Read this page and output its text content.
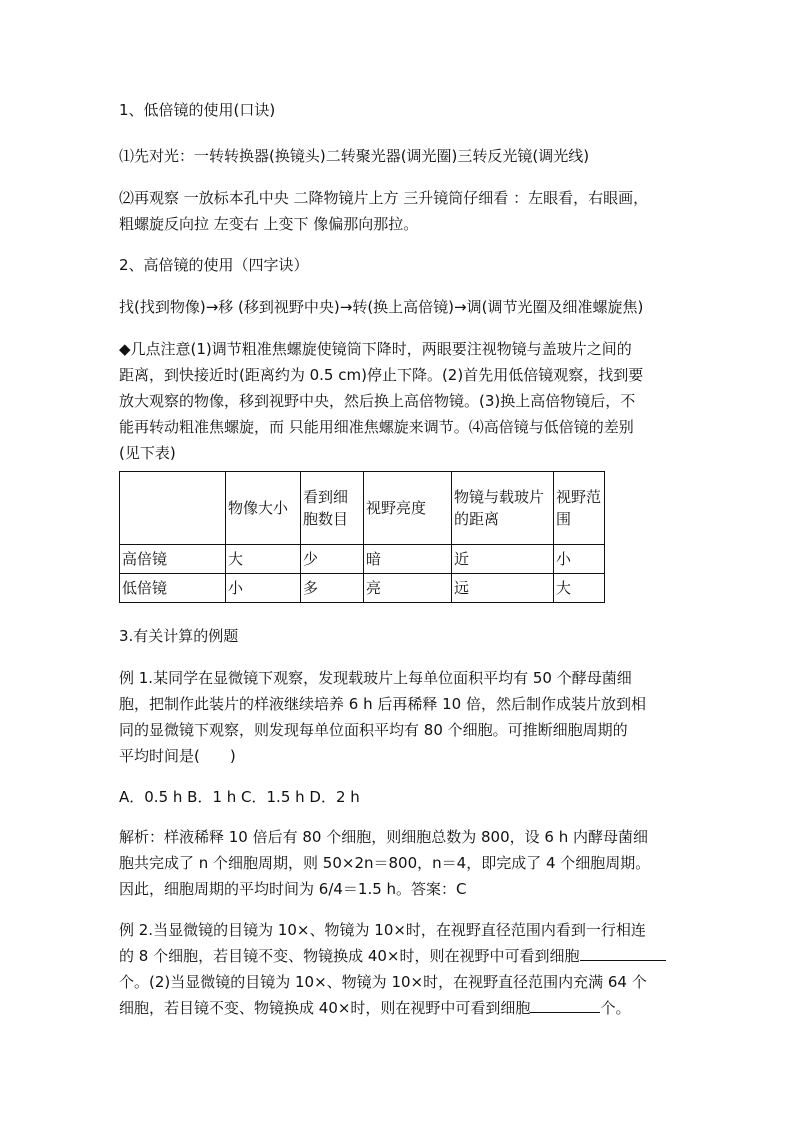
1、低倍镜的使用(口诀)

⑴先对光：一转转换器(换镜头)二转聚光器(调光圈)三转反光镜(调光线)

⑵再观察 一放标本孔中央 二降物镜片上方 三升镜筒仔细看 ：左眼看，右眼画，
粗螺旋反向拉 左变右 上变下 像偏那向那拉。

2、高倍镜的使用（四字诀）

找(找到物像)→移 (移到视野中央)→转(换上高倍镜)→调(调节光圈及细准螺旋焦)

◆几点注意(1)调节粗准焦螺旋使镜筒下降时，两眼要注视物镜与盖玻片之间的
距离，到快接近时(距离约为 0.5 cm)停止下降。(2)首先用低倍镜观察，找到要
放大观察的物像，移到视野中央，然后换上高倍物镜。(3)换上高倍物镜后，不
能再转动粗准焦螺旋，而 只能用细准焦螺旋来调节。⑷高倍镜与低倍镜的差别
(见下表)
	物像大小	看到细胞数目	视野亮度	物镜与载玻片的距离	视野范围
高倍镜	大	少	暗	近	小
低倍镜	小	多	亮	远	大

3.有关计算的例题

例 1.某同学在显微镜下观察，发现载玻片上每单位面积平均有 50 个酵母菌细
胞，把制作此装片的样液继续培养 6 h 后再稀释 10 倍，然后制作成装片放到相
同的显微镜下观察，则发现每单位面积平均有 80 个细胞。可推断细胞周期的
平均时间是(　　)

A．0.5 h B．1 h C．1.5 h D．2 h

解析：样液稀释 10 倍后有 80 个细胞，则细胞总数为 800，设 6 h 内酵母菌细
胞共完成了 n 个细胞周期，则 50×2n＝800，n＝4，即完成了 4 个细胞周期。
因此，细胞周期的平均时间为 6/4＝1.5 h。答案：C
例 2.当显微镜的目镜为 10×、物镜为 10×时，在视野直径范围内看到一行相连
的 8 个细胞，若目镜不变、物镜换成 40×时，则在视野中可看到细胞
个。(2)当显微镜的目镜为 10×、物镜为 10×时，在视野直径范围内充满 64 个
细胞，若目镜不变、物镜换成 40×时，则在视野中可看到细胞	个。
